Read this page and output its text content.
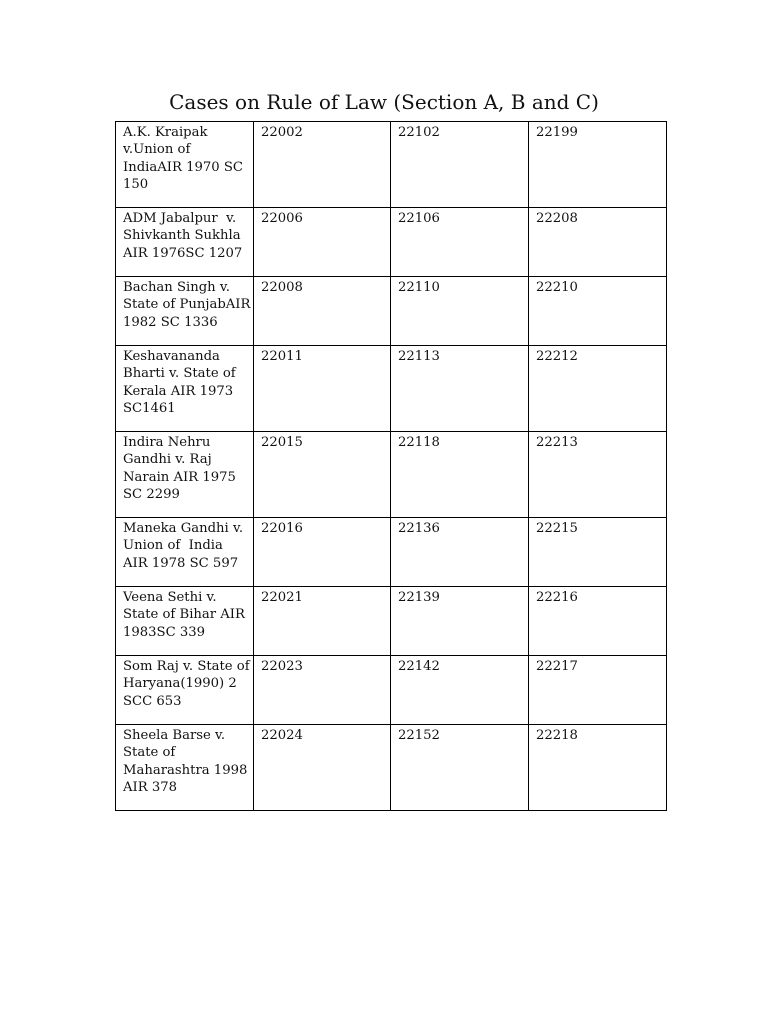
Cases on Rule of Law (Section A, B and C)
A.K. Kraipak
v.Union of
IndiaAIR 1970 SC
150	22002	22102	22199

ADM Jabalpur  v.
Shivkanth Sukhla
AIR 1976SC 1207	22006	22106	22208

Bachan Singh v.
State of PunjabAIR
1982 SC 1336	22008	22110	22210

Keshavananda
Bharti v. State of
Kerala AIR 1973
SC1461	22011	22113	22212

Indira Nehru
Gandhi v. Raj
Narain AIR 1975
SC 2299	22015	22118	22213

Maneka Gandhi v.
Union of  India
AIR 1978 SC 597	22016	22136	22215

Veena Sethi v.
State of Bihar AIR
1983SC 339	22021	22139	22216

Som Raj v. State of
Haryana(1990) 2
SCC 653	22023	22142	22217

Sheela Barse v.
State of
Maharashtra 1998
AIR 378	22024	22152	22218
